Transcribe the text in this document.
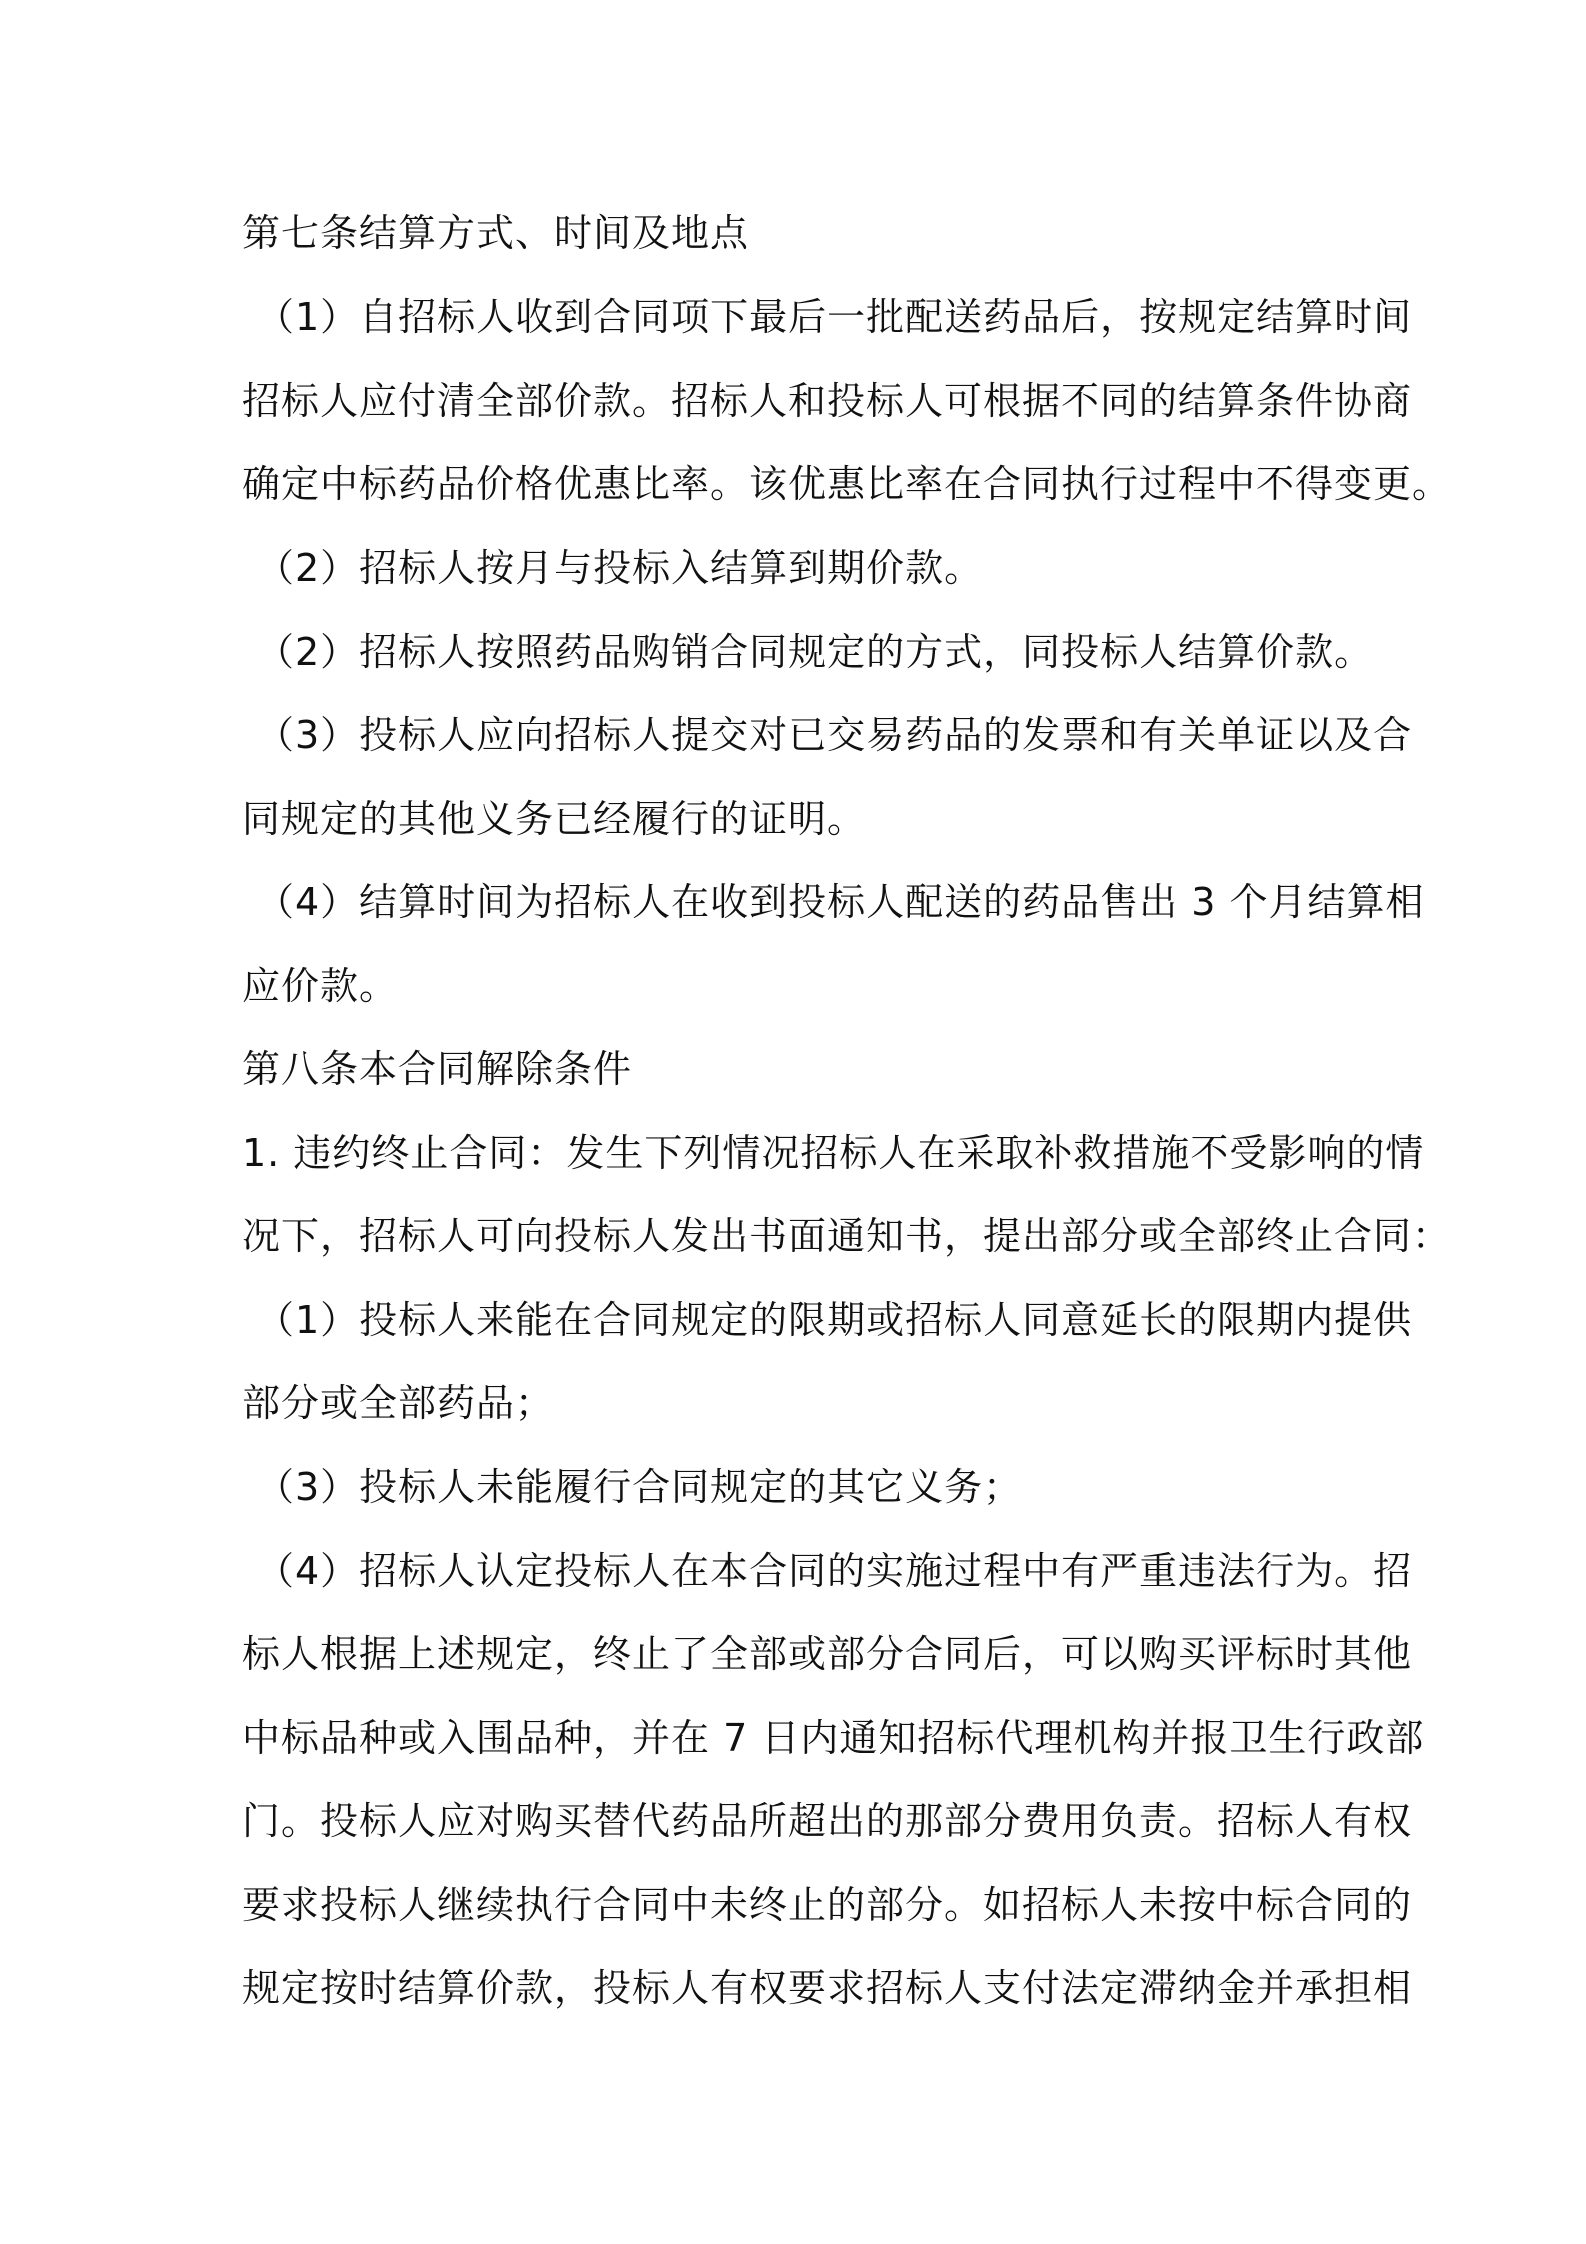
第七条结算方式、时间及地点
（1）自招标人收到合同项下最后一批配送药品后，按规定结算时间
招标人应付清全部价款。招标人和投标人可根据不同的结算条件协商
确定中标药品价格优惠比率。该优惠比率在合同执行过程中不得变更。
（2）招标人按月与投标入结算到期价款。
（2）招标人按照药品购销合同规定的方式，同投标人结算价款。
（3）投标人应向招标人提交对已交易药品的发票和有关单证以及合
同规定的其他义务已经履行的证明。
（4）结算时间为招标人在收到投标人配送的药品售出 3 个月结算相
应价款。
第八条本合同解除条件
1. 违约终止合同：发生下列情况招标人在采取补救措施不受影响的情
况下，招标人可向投标人发出书面通知书，提出部分或全部终止合同：
（1）投标人来能在合同规定的限期或招标人同意延长的限期内提供
部分或全部药品；
（3）投标人未能履行合同规定的其它义务；
（4）招标人认定投标人在本合同的实施过程中有严重违法行为。招
标人根据上述规定，终止了全部或部分合同后，可以购买评标时其他
中标品种或入围品种，并在 7 日内通知招标代理机构并报卫生行政部
门。投标人应对购买替代药品所超出的那部分费用负责。招标人有权
要求投标人继续执行合同中未终止的部分。如招标人未按中标合同的
规定按时结算价款，投标人有权要求招标人支付法定滞纳金并承担相
